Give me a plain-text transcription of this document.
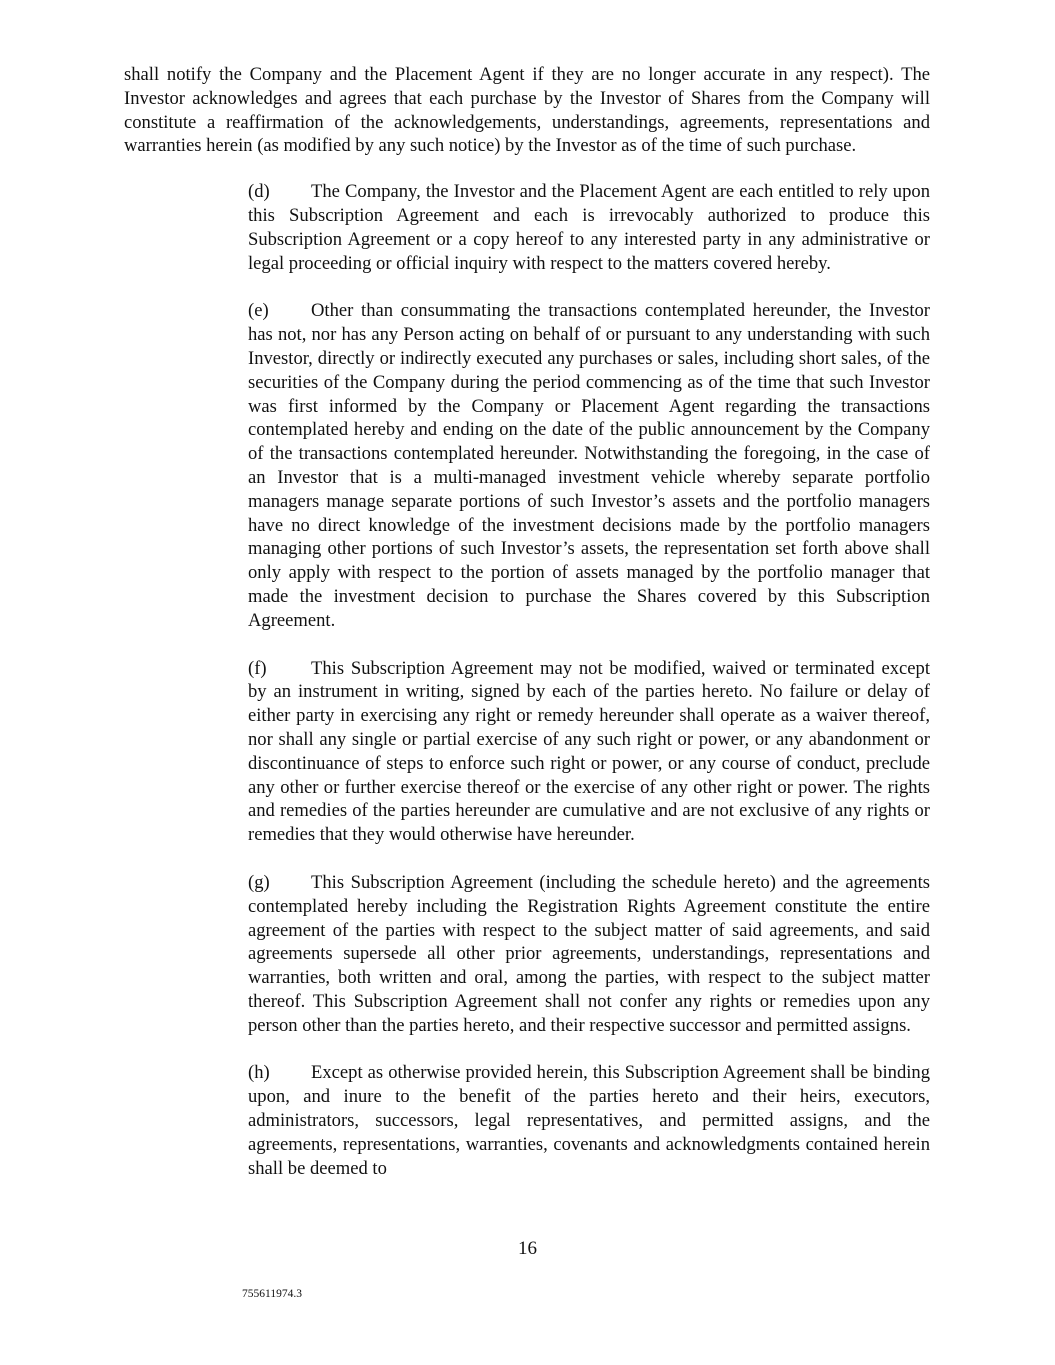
shall notify the Company and the Placement Agent if they are no longer accurate in any respect). The Investor acknowledges and agrees that each purchase by the Investor of Shares from the Company will constitute a reaffirmation of the acknowledgements, understandings, agreements, representations and warranties herein (as modified by any such notice) by the Investor as of the time of such purchase.

(d) The Company, the Investor and the Placement Agent are each entitled to rely upon this Subscription Agreement and each is irrevocably authorized to produce this Subscription Agreement or a copy hereof to any interested party in any administrative or legal proceeding or official inquiry with respect to the matters covered hereby.

(e) Other than consummating the transactions contemplated hereunder, the Investor has not, nor has any Person acting on behalf of or pursuant to any understanding with such Investor, directly or indirectly executed any purchases or sales, including short sales, of the securities of the Company during the period commencing as of the time that such Investor was first informed by the Company or Placement Agent regarding the transactions contemplated hereby and ending on the date of the public announcement by the Company of the transactions contemplated hereunder. Notwithstanding the foregoing, in the case of an Investor that is a multi-managed investment vehicle whereby separate portfolio managers manage separate portions of such Investor’s assets and the portfolio managers have no direct knowledge of the investment decisions made by the portfolio managers managing other portions of such Investor’s assets, the representation set forth above shall only apply with respect to the portion of assets managed by the portfolio manager that made the investment decision to purchase the Shares covered by this Subscription Agreement.

(f) This Subscription Agreement may not be modified, waived or terminated except by an instrument in writing, signed by each of the parties hereto. No failure or delay of either party in exercising any right or remedy hereunder shall operate as a waiver thereof, nor shall any single or partial exercise of any such right or power, or any abandonment or discontinuance of steps to enforce such right or power, or any course of conduct, preclude any other or further exercise thereof or the exercise of any other right or power. The rights and remedies of the parties hereunder are cumulative and are not exclusive of any rights or remedies that they would otherwise have hereunder.

(g) This Subscription Agreement (including the schedule hereto) and the agreements contemplated hereby including the Registration Rights Agreement constitute the entire agreement of the parties with respect to the subject matter of said agreements, and said agreements supersede all other prior agreements, understandings, representations and warranties, both written and oral, among the parties, with respect to the subject matter thereof. This Subscription Agreement shall not confer any rights or remedies upon any person other than the parties hereto, and their respective successor and permitted assigns.

(h) Except as otherwise provided herein, this Subscription Agreement shall be binding upon, and inure to the benefit of the parties hereto and their heirs, executors, administrators, successors, legal representatives, and permitted assigns, and the agreements, representations, warranties, covenants and acknowledgments contained herein shall be deemed to

16
755611974.3
